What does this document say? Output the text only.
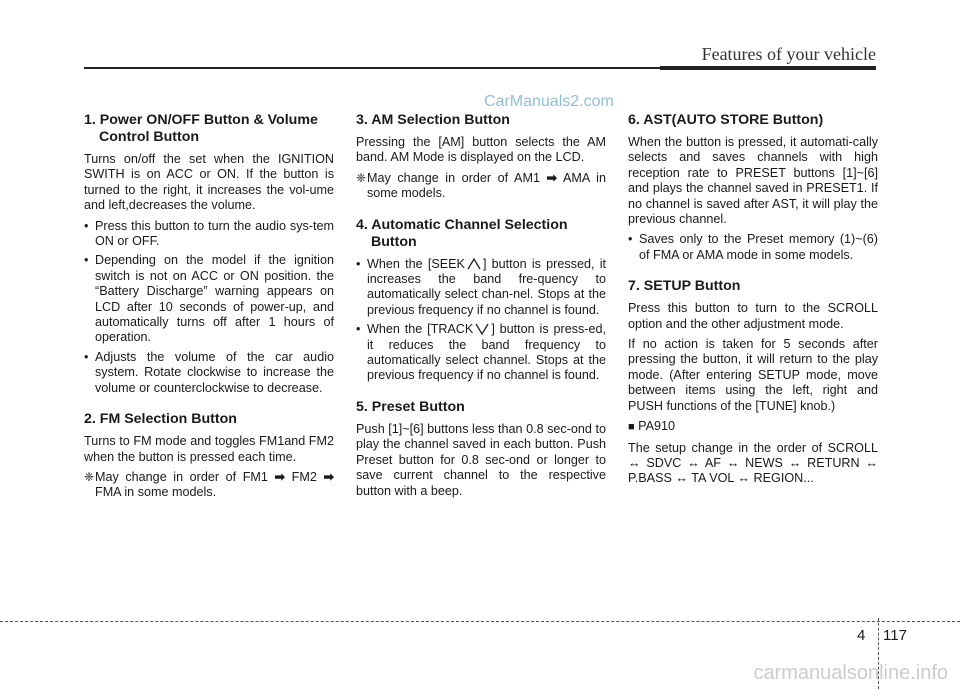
Features of your vehicle
CarManuals2.com
1. Power ON/OFF Button & Volume Control Button

Turns on/off the set when the IGNITION SWITH is on ACC or ON. If the button is turned to the right, it increases the vol-ume and left,decreases the volume.

• Press this button to turn the audio sys-tem ON or OFF.
• Depending on the model if the ignition switch is not on ACC or ON position. the “Battery Discharge” warning appears on LCD after 10 seconds of power-up, and automatically turns off after 1 hours of operation.
• Adjusts the volume of the car audio system. Rotate clockwise to increase the volume or counterclockwise to decrease.
2. FM Selection Button

Turns to FM mode and toggles FM1and FM2 when the button is pressed each time.

❈ May change in order of FM1 ➡ FM2 ➡ FMA in some models.
3. AM Selection Button

Pressing the [AM] button selects the AM band. AM Mode is displayed on the LCD.

❈ May change in order of AM1 ➡ AMA in some models.
4. Automatic Channel Selection Button
• When the [SEEK ] button is pressed, it increases the band fre-quency to automatically select chan-nel. Stops at the previous frequency if no channel is found.
• When the [TRACK ] button is press-ed, it reduces the band frequency to automatically select channel. Stops at the previous frequency if no channel is found.
5. Preset Button

Push [1]~[6] buttons less than 0.8 sec-ond to play the channel saved in each button. Push Preset button for 0.8 sec-ond or longer to save current channel to the respective button with a beep.

6. AST(AUTO STORE Button)

When the button is pressed, it automati-cally selects and saves channels with high reception rate to PRESET buttons [1]~[6] and plays the channel saved in PRESET1. If no channel is saved after AST, it will play the previous channel.

• Saves only to the Preset memory (1)~(6) of FMA or AMA mode in some models.
7. SETUP Button

Press this button to turn to the SCROLL option and the other adjustment mode.

If no action is taken for 5 seconds after pressing the button, it will return to the play mode. (After entering SETUP mode, move between items using the left, right and PUSH functions of the [TUNE] knob.)

■ PA910

The setup change in the order of SCROLL ↔ SDVC ↔ AF ↔ NEWS ↔ RETURN ↔ P.BASS ↔ TA VOL ↔ REGION...

4 117
carmanualsonline.info
